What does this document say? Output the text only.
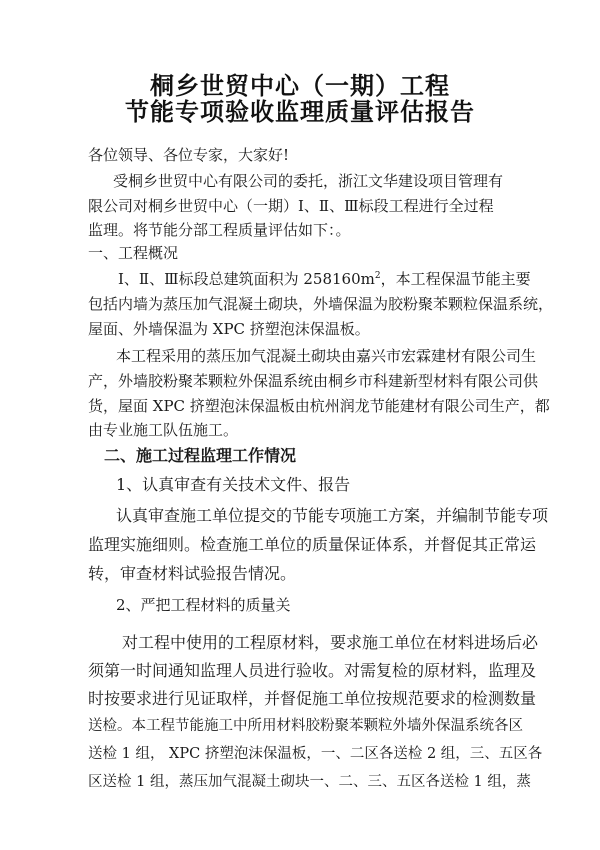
桐乡世贸中心（一期）工程
节能专项验收监理质量评估报告
各位领导、各位专家，大家好!
受桐乡世贸中心有限公司的委托，浙江文华建设项目管理有
限公司对桐乡世贸中心（一期）Ⅰ、Ⅱ、Ⅲ标段工程进行全过程
监理。将节能分部工程质量评估如下：。
一、工程概况
Ⅰ、Ⅱ、Ⅲ标段总建筑面积为 $258160m^2$，本工程保温节能主要
包括内墙为蒸压加气混凝土砌块，外墙保温为胶粉聚苯颗粒保温系统，
屋面、外墙保温为 XPC 挤塑泡沫保温板。
本工程采用的蒸压加气混凝土砌块由嘉兴市宏霖建材有限公司生
产，外墙胶粉聚苯颗粒外保温系统由桐乡市科建新型材料有限公司供
货，屋面 XPC 挤塑泡沫保温板由杭州润龙节能建材有限公司生产，都
由专业施工队伍施工。
二、施工过程监理工作情况
1、认真审查有关技术文件、报告
认真审查施工单位提交的节能专项施工方案，并编制节能专项
监理实施细则。检查施工单位的质量保证体系，并督促其正常运
转，审查材料试验报告情况。
2、严把工程材料的质量关
对工程中使用的工程原材料，要求施工单位在材料进场后必
须第一时间通知监理人员进行验收。对需复检的原材料，监理及
时按要求进行见证取样，并督促施工单位按规范要求的检测数量
送检。本工程节能施工中所用材料胶粉聚苯颗粒外墙外保温系统各区
送检 1 组， XPC 挤塑泡沫保温板，一、二区各送检 2 组，三、五区各
区送检 1 组，蒸压加气混凝土砌块一、二、三、五区各送检 1 组，蒸
